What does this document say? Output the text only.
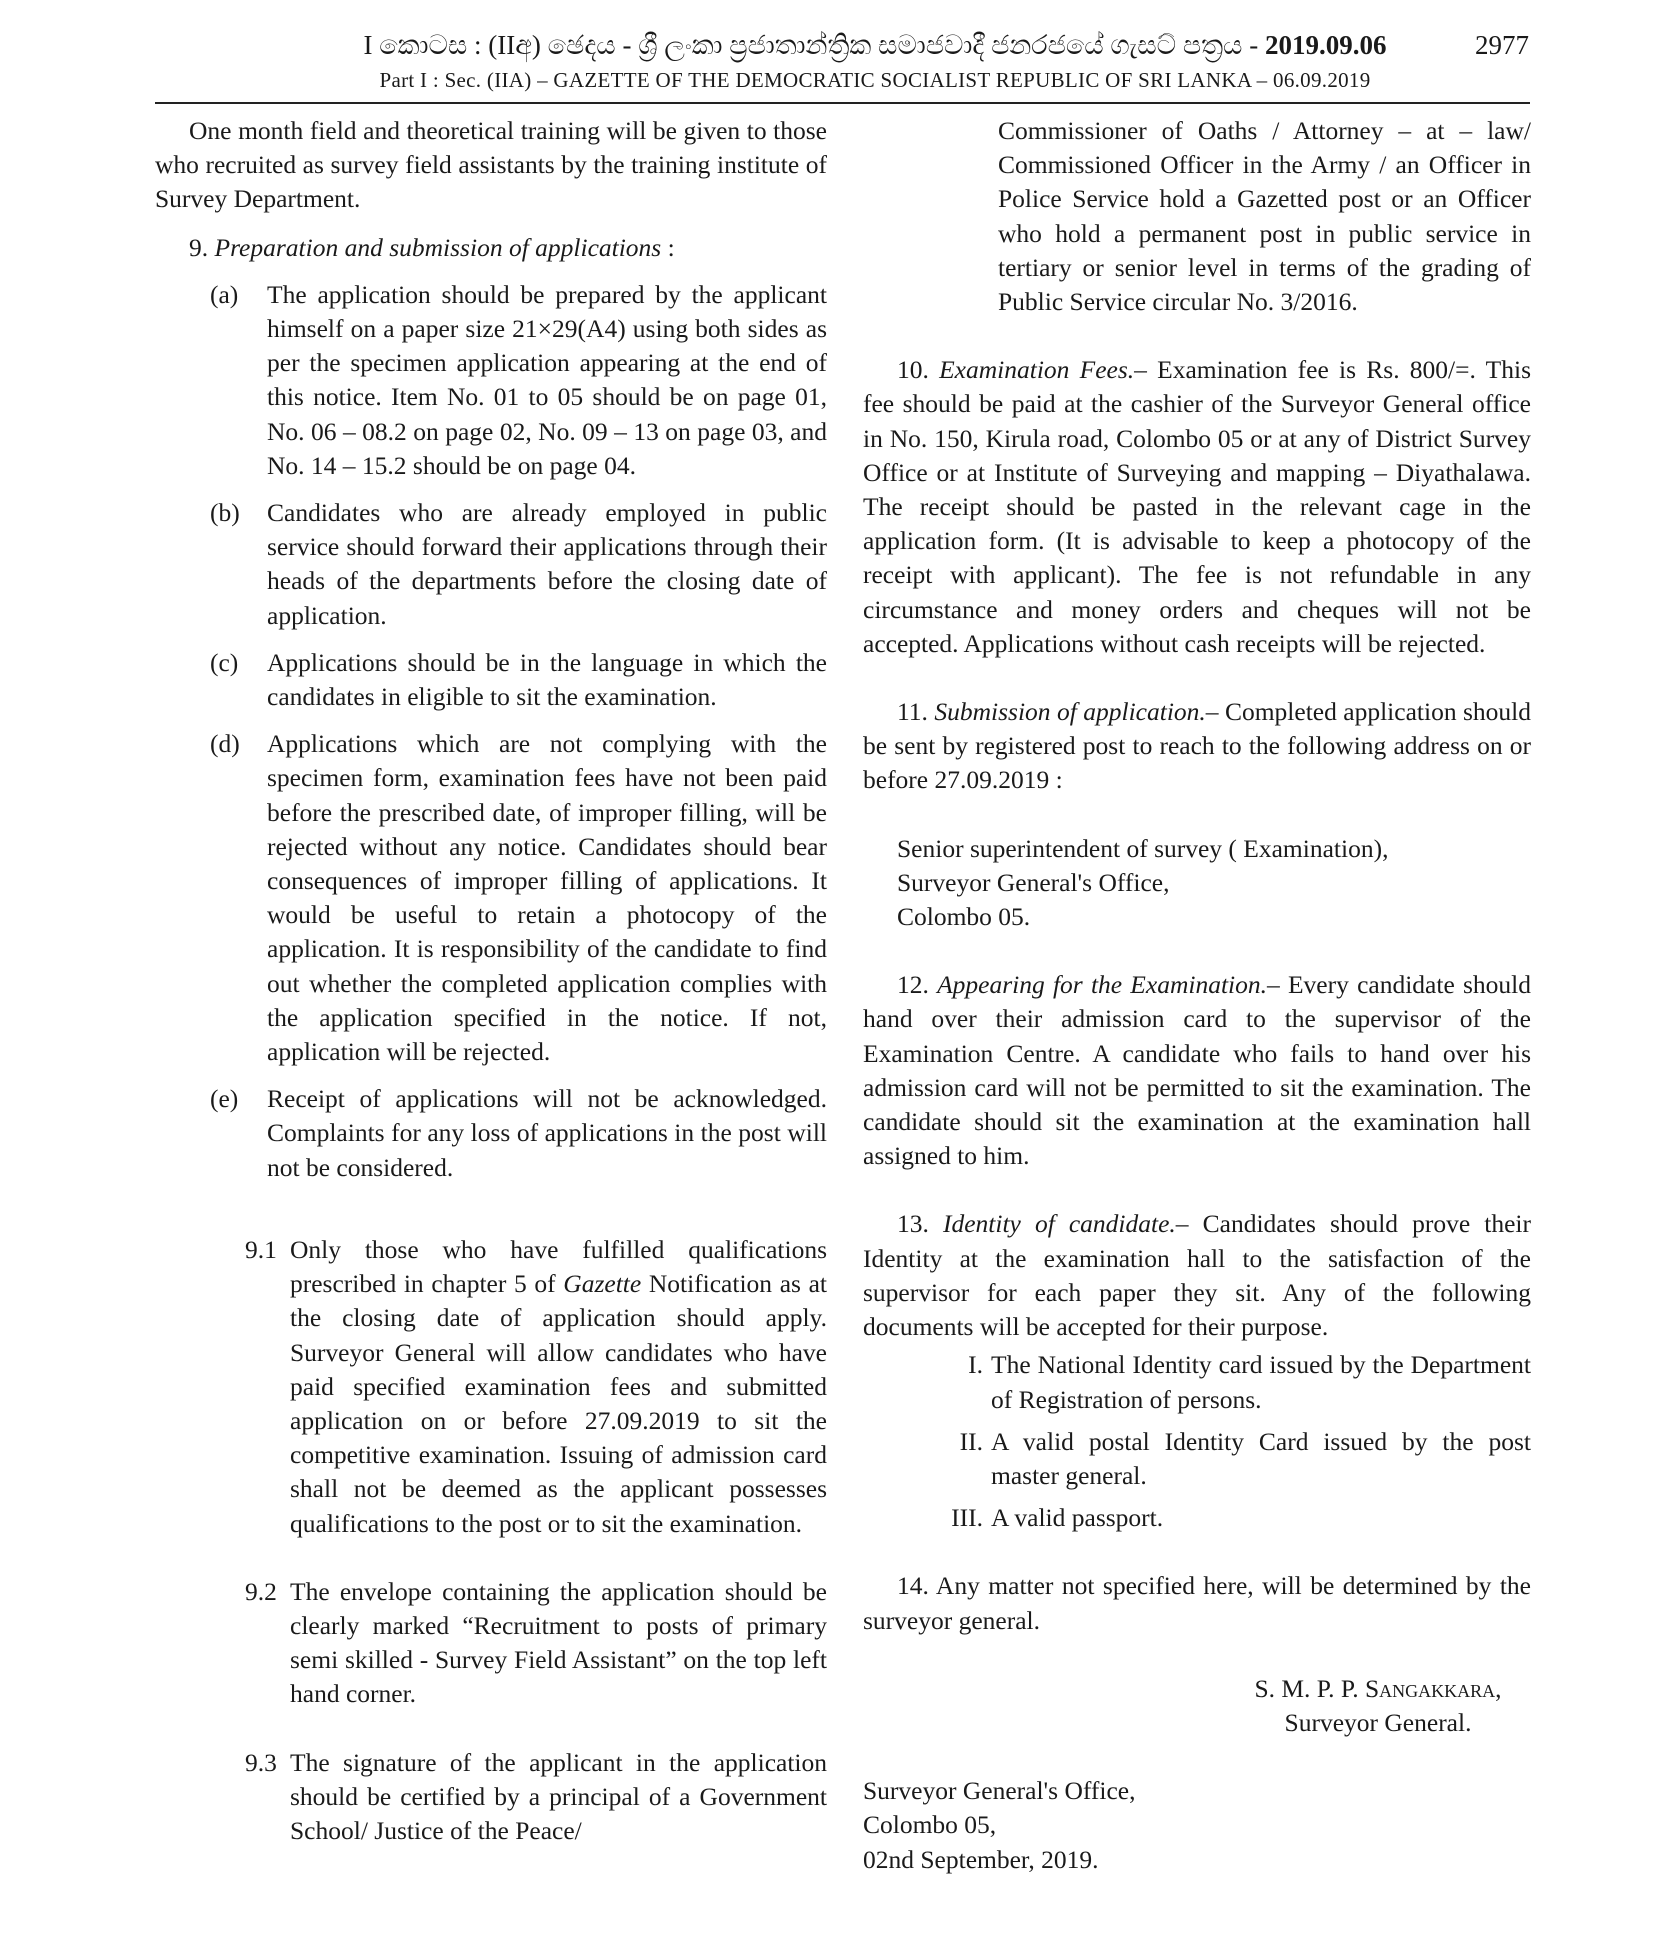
I කොටස : (IIඅ) ඡෙදය - ශ්‍රී ලංකා ප්‍රජාතාන්ත්‍රික සමාජවාදී ජනරජයේ ගැසට් පත්‍රය - 2019.09.06	2977
Part I : Sec. (IIA) – GAZETTE OF THE DEMOCRATIC SOCIALIST REPUBLIC OF SRI LANKA – 06.09.2019

One month field and theoretical training will be given to those who recruited as survey field assistants by the training institute of Survey Department.

9. Preparation and submission of applications :

(a) The application should be prepared by the applicant himself on a paper size 21×29(A4) using both sides as per the specimen application appearing at the end of this notice. Item No. 01 to 05 should be on page 01, No. 06 – 08.2 on page 02, No. 09 – 13 on page 03, and No. 14 – 15.2 should be on page 04.
(b) Candidates who are already employed in public service should forward their applications through their heads of the departments before the closing date of application.
(c) Applications should be in the language in which the candidates in eligible to sit the examination.
(d) Applications which are not complying with the specimen form, examination fees have not been paid before the prescribed date, of improper filling, will be rejected without any notice. Candidates should bear consequences of improper filling of applications. It would be useful to retain a photocopy of the application. It is responsibility of the candidate to find out whether the completed application complies with the application specified in the notice. If not, application will be rejected.
(e) Receipt of applications will not be acknowledged. Complaints for any loss of applications in the post will not be considered.
9.1 Only those who have fulfilled qualifications prescribed in chapter 5 of Gazette Notification as at the closing date of application should apply. Surveyor General will allow candidates who have paid specified examination fees and submitted application on or before 27.09.2019 to sit the competitive examination. Issuing of admission card shall not be deemed as the applicant possesses qualifications to the post or to sit the examination.
9.2 The envelope containing the application should be clearly marked “Recruitment to posts of primary semi skilled - Survey Field Assistant” on the top left hand corner.
9.3 The signature of the applicant in the application should be certified by a principal of a Government School/ Justice of the Peace/

Commissioner of Oaths / Attorney – at – law/ Commissioned Officer in the Army / an Officer in Police Service hold a Gazetted post or an Officer who hold a permanent post in public service in tertiary or senior level in terms of the grading of Public Service circular No. 3/2016.

10. Examination Fees.– Examination fee is Rs. 800/=. This fee should be paid at the cashier of the Surveyor General office in No. 150, Kirula road, Colombo 05 or at any of District Survey Office or at Institute of Surveying and mapping – Diyathalawa. The receipt should be pasted in the relevant cage in the application form. (It is advisable to keep a photocopy of the receipt with applicant). The fee is not refundable in any circumstance and money orders and cheques will not be accepted. Applications without cash receipts will be rejected.

11. Submission of application.– Completed application should be sent by registered post to reach to the following address on or before 27.09.2019 :

Senior superintendent of survey ( Examination),

Surveyor General's Office,

Colombo 05.

12. Appearing for the Examination.– Every candidate should hand over their admission card to the supervisor of the Examination Centre. A candidate who fails to hand over his admission card will not be permitted to sit the examination. The candidate should sit the examination at the examination hall assigned to him.

13. Identity of candidate.– Candidates should prove their Identity at the examination hall to the satisfaction of the supervisor for each paper they sit. Any of the following documents will be accepted for their purpose.

I. The National Identity card issued by the Department of Registration of persons.
II. A valid postal Identity Card issued by the post master general.
III. A valid passport.

14. Any matter not specified here, will be determined by the surveyor general.

S. M. P. P. Sangakkara,

Surveyor General.

Surveyor General's Office,

Colombo 05,

02nd September, 2019.
